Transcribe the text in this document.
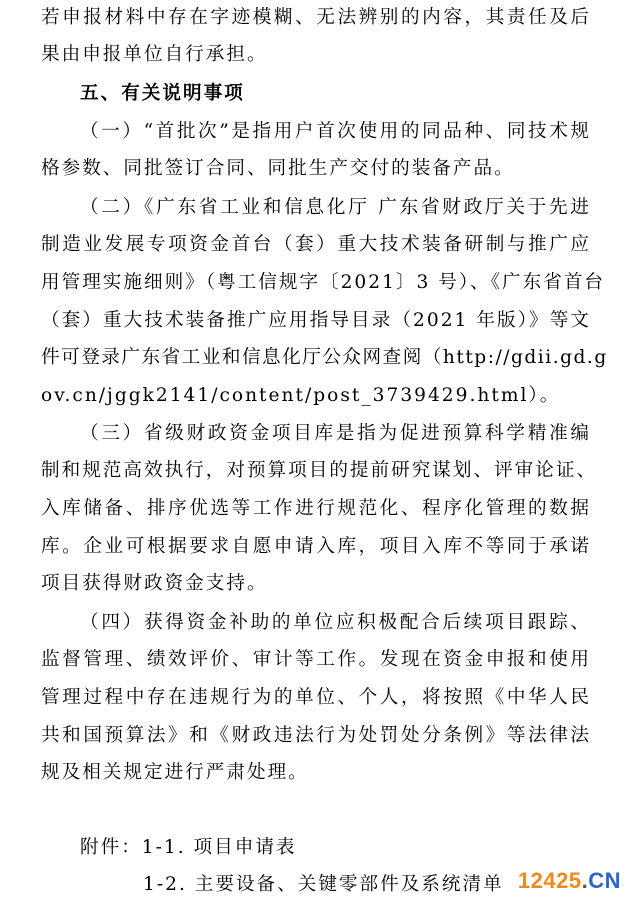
若申报材料中存在字迹模糊、无法辨别的内容，其责任及后
果由申报单位自行承担。
五、有关说明事项
（一）“首批次”是指用户首次使用的同品种、同技术规
格参数、同批签订合同、同批生产交付的装备产品。
（二）《广东省工业和信息化厅 广东省财政厅关于先进
制造业发展专项资金首台（套）重大技术装备研制与推广应
用管理实施细则》（粤工信规字〔2021〕3 号）、《广东省首台
（套）重大技术装备推广应用指导目录（2021 年版）》等文
件可登录广东省工业和信息化厅公众网查阅（http://gdii.gd.g
ov.cn/jggk2141/content/post_3739429.html）。
（三）省级财政资金项目库是指为促进预算科学精准编
制和规范高效执行，对预算项目的提前研究谋划、评审论证、
入库储备、排序优选等工作进行规范化、程序化管理的数据
库。企业可根据要求自愿申请入库，项目入库不等同于承诺
项目获得财政资金支持。
（四）获得资金补助的单位应积极配合后续项目跟踪、
监督管理、绩效评价、审计等工作。发现在资金申报和使用
管理过程中存在违规行为的单位、个人，将按照《中华人民
共和国预算法》和《财政违法行为处罚处分条例》等法律法
规及相关规定进行严肃处理。
附件：1-1. 项目申请表
1-2. 主要设备、关键零部件及系统清单 12425.CN
